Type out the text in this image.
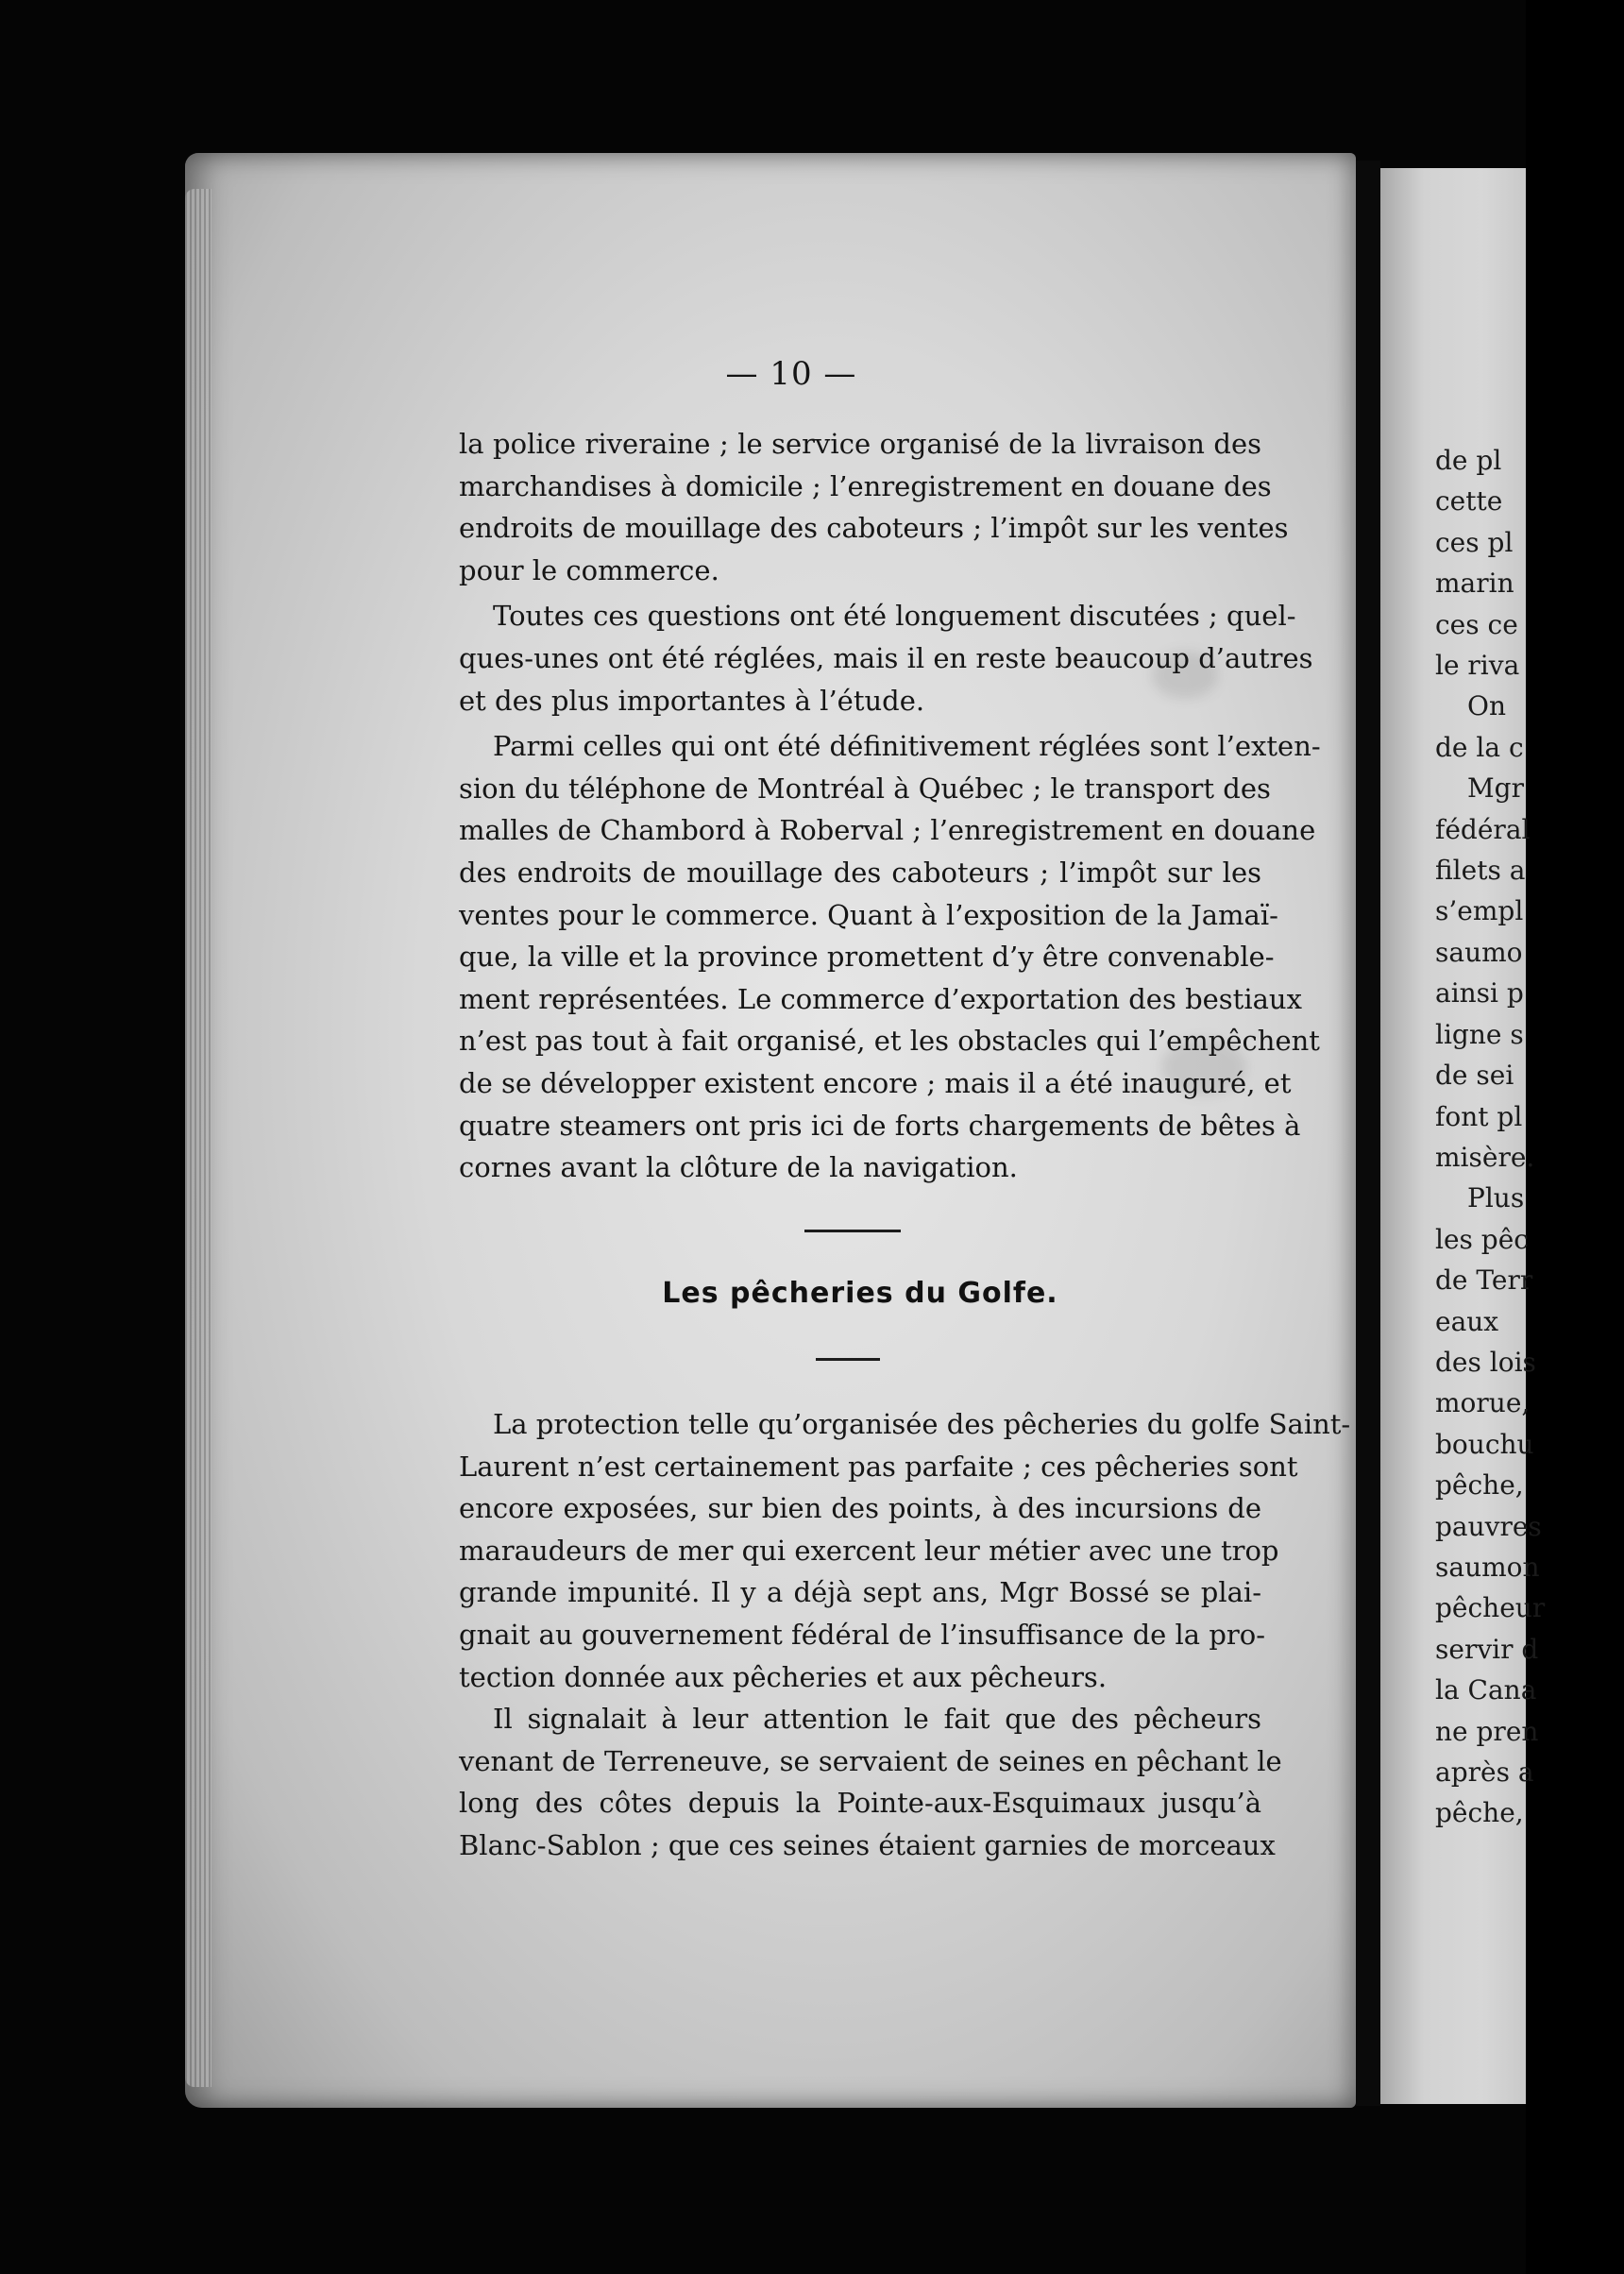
— 10 —
la police riveraine ; le service organisé de la livraison des
marchandises à domicile ; l’enregistrement en douane des
endroits de mouillage des caboteurs ; l’impôt sur les ventes
pour le commerce.
Toutes ces questions ont été longuement discutées ; quel-
ques-unes ont été réglées, mais il en reste beaucoup d’autres
et des plus importantes à l’étude.
Parmi celles qui ont été définitivement réglées sont l’exten-
sion du téléphone de Montréal à Québec ; le transport des
malles de Chambord à Roberval ; l’enregistrement en douane
des endroits de mouillage des caboteurs ; l’impôt sur les
ventes pour le commerce. Quant à l’exposition de la Jamaï-
que, la ville et la province promettent d’y être convenable-
ment représentées. Le commerce d’exportation des bestiaux
n’est pas tout à fait organisé, et les obstacles qui l’empêchent
de se développer existent encore ; mais il a été inauguré, et
quatre steamers ont pris ici de forts chargements de bêtes à
cornes avant la clôture de la navigation.
Les pêcheries du Golfe.
La protection telle qu’organisée des pêcheries du golfe Saint-
Laurent n’est certainement pas parfaite ; ces pêcheries sont
encore exposées, sur bien des points, à des incursions de
maraudeurs de mer qui exercent leur métier avec une trop
grande impunité. Il y a déjà sept ans, Mgr Bossé se plai-
gnait au gouvernement fédéral de l’insuffisance de la pro-
tection donnée aux pêcheries et aux pêcheurs.
Il signalait à leur attention le fait que des pêcheurs
venant de Terreneuve, se servaient de seines en pêchant le
long des côtes depuis la Pointe-aux-Esquimaux jusqu’à
Blanc-Sablon ; que ces seines étaient garnies de morceaux
de pl
cette
ces pl
marin
ces ce
le riva
On
de la c
Mgr
fédéral
filets a
s’empl
saumo
ainsi p
ligne s
de sei
font pl
misère.
Plus
les pêc
de Terr
eaux
des lois
morue,
bouchu
pêche,
pauvres
saumon
pêcheur
servir d
la Cana
ne pren
après a
pêche,
